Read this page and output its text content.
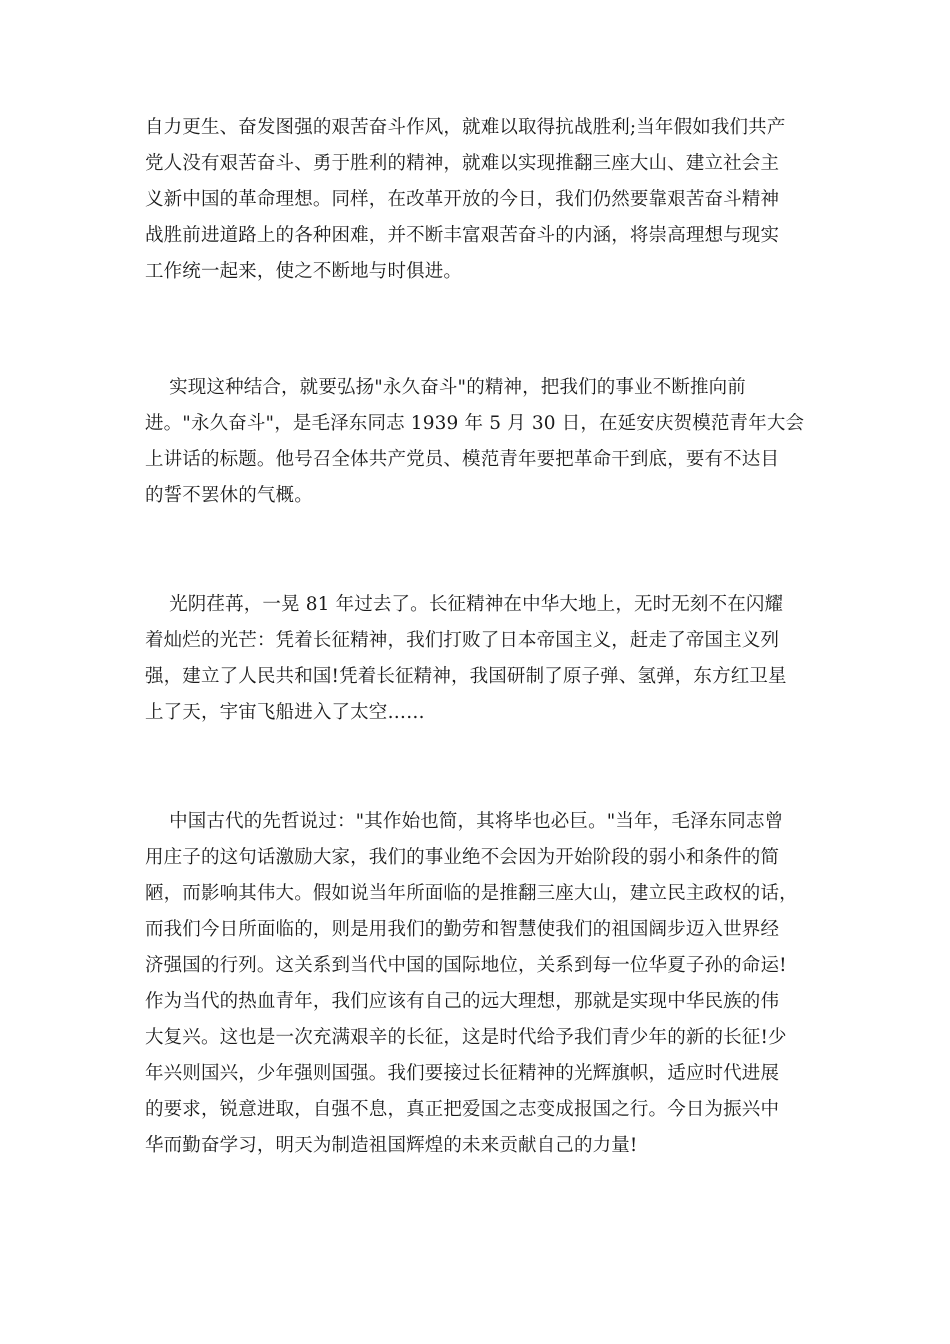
自力更生、奋发图强的艰苦奋斗作风，就难以取得抗战胜利;当年假如我们共产
党人没有艰苦奋斗、勇于胜利的精神，就难以实现推翻三座大山、建立社会主
义新中国的革命理想。同样，在改革开放的今日，我们仍然要靠艰苦奋斗精神
战胜前进道路上的各种困难，并不断丰富艰苦奋斗的内涵，将崇高理想与现实
工作统一起来，使之不断地与时俱进。
实现这种结合，就要弘扬"永久奋斗"的精神，把我们的事业不断推向前
进。"永久奋斗"，是毛泽东同志 1939 年 5 月 30 日，在延安庆贺模范青年大会
上讲话的标题。他号召全体共产党员、模范青年要把革命干到底，要有不达目
的誓不罢休的气概。
光阴荏苒，一晃 81 年过去了。长征精神在中华大地上，无时无刻不在闪耀
着灿烂的光芒：凭着长征精神，我们打败了日本帝国主义，赶走了帝国主义列
强，建立了人民共和国!凭着长征精神，我国研制了原子弹、氢弹，东方红卫星
上了天，宇宙飞船进入了太空……
中国古代的先哲说过："其作始也简，其将毕也必巨。"当年，毛泽东同志曾
用庄子的这句话激励大家，我们的事业绝不会因为开始阶段的弱小和条件的简
陋，而影响其伟大。假如说当年所面临的是推翻三座大山，建立民主政权的话，
而我们今日所面临的，则是用我们的勤劳和智慧使我们的祖国阔步迈入世界经
济强国的行列。这关系到当代中国的国际地位，关系到每一位华夏子孙的命运!
作为当代的热血青年，我们应该有自己的远大理想，那就是实现中华民族的伟
大复兴。这也是一次充满艰辛的长征，这是时代给予我们青少年的新的长征!少
年兴则国兴，少年强则国强。我们要接过长征精神的光辉旗帜，适应时代进展
的要求，锐意进取，自强不息，真正把爱国之志变成报国之行。今日为振兴中
华而勤奋学习，明天为制造祖国辉煌的未来贡献自己的力量!
